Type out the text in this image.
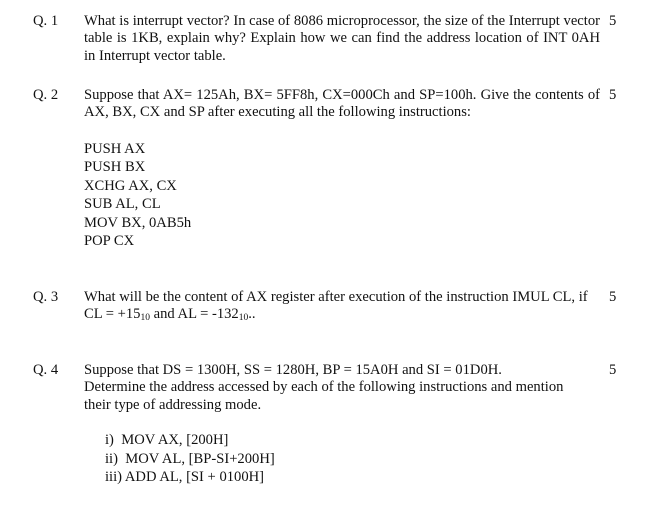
Q. 1 What is interrupt vector? In case of 8086 microprocessor, the size of the Interrupt vector table is 1KB, explain why? Explain how we can find the address location of INT 0AH in Interrupt vector table.
5
Q. 2 Suppose that AX= 125Ah, BX= 5FF8h, CX=000Ch and SP=100h. Give the contents of AX, BX, CX and SP after executing all the following instructions:
5
PUSH AX
PUSH BX
XCHG AX, CX
SUB AL, CL
MOV BX, 0AB5h
POP CX
Q. 3 What will be the content of AX register after execution of the instruction IMUL CL, if CL = $+15_{10}$ and AL = $-132_{10}$..
5
Q. 4 Suppose that DS = 1300H, SS = 1280H, BP = 15A0H and SI = 01D0H. Determine the address accessed by each of the following instructions and mention their type of addressing mode.
5
i)  MOV AX, [200H]
ii)  MOV AL, [BP-SI+200H]
iii) ADD AL, [SI + 0100H]
